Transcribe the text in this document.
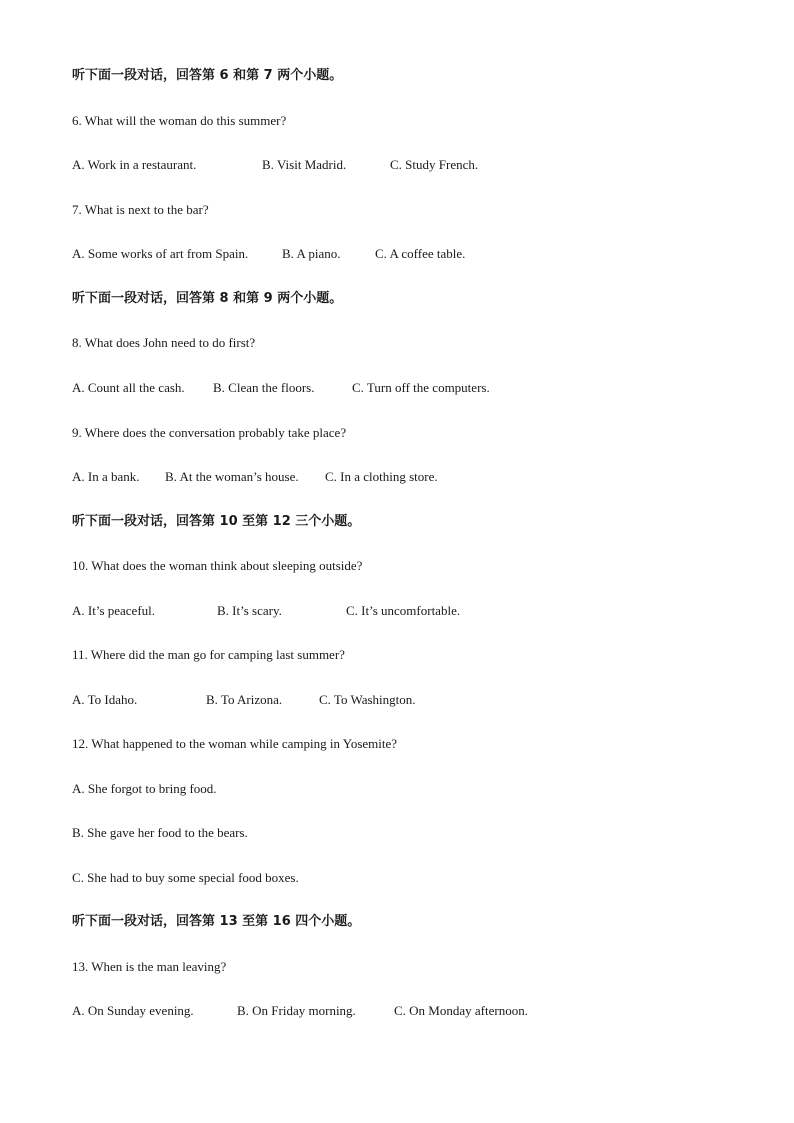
听下面一段对话，回答第 6 和第 7 两个小题。
6. What will the woman do this summer?
A. Work in a restaurant.	B. Visit Madrid.	C. Study French.
7. What is next to the bar?
A. Some works of art from Spain.	B. A piano.	C. A coffee table.
听下面一段对话，回答第 8 和第 9 两个小题。
8. What does John need to do first?
A. Count all the cash. B. Clean the floors.	C. Turn off the computers.
9. Where does the conversation probably take place?
A. In a bank. B. At the woman’s house. C. In a clothing store.
听下面一段对话，回答第 10 至第 12 三个小题。
10. What does the woman think about sleeping outside?
A. It’s peaceful.	B. It’s scary.	C. It’s uncomfortable.
11. Where did the man go for camping last summer?
A. To Idaho.	B. To Arizona.	C. To Washington.
12. What happened to the woman while camping in Yosemite?
A. She forgot to bring food.
B. She gave her food to the bears.
C. She had to buy some special food boxes.
听下面一段对话，回答第 13 至第 16 四个小题。
13. When is the man leaving?
A. On Sunday evening.	B. On Friday morning.	C. On Monday afternoon.
